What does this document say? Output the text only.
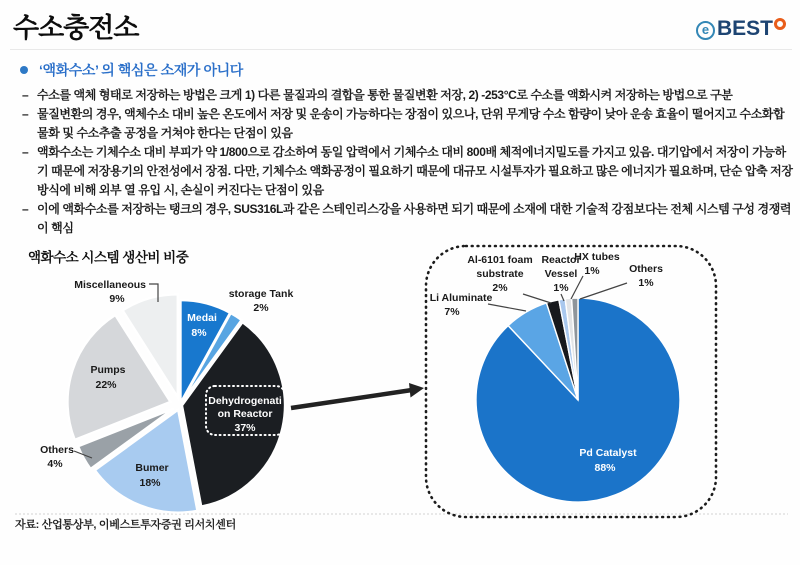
수소충전소	e BEST
‘액화수소’ 의 핵심은 소재가 아니다
– 수소를 액체 형태로 저장하는 방법은 크게 1) 다른 물질과의 결합을 통한 물질변환 저장, 2) -253°C로 수소를 액화시켜 저장하는 방법으로 구분
– 물질변환의 경우, 액체수소 대비 높은 온도에서 저장 및 운송이 가능하다는 장점이 있으나, 단위 무게당 수소 함량이 낮아 운송 효율이 떨어지고 수소화합물화 및 수소추출 공정을 거쳐야 한다는 단점이 있음
– 액화수소는 기체수소 대비 부피가 약 1/800으로 감소하여 동일 압력에서 기체수소 대비 800배 체적에너지밀도를 가지고 있음. 대기압에서 저장이 가능하기 때문에 저장용기의 안전성에서 장점. 다만, 기체수소 액화공정이 필요하기 때문에 대규모 시설투자가 필요하고 많은 에너지가 필요하며, 단순 압축 저장 방식에 비해 외부 열 유입 시, 손실이 커진다는 단점이 있음
– 이에 액화수소를 저장하는 탱크의 경우, SUS316L과 같은 스테인리스강을 사용하면 되기 때문에 소재에 대한 기술적 강점보다는 전체 시스템 구성 경쟁력이 핵심
액화수소 시스템 생산비 비중
Miscellaneous
9%	storage Tank
2%
Medai
8%
Pumps
22%
Others
4%	Bumer
18%
Dehydrogenati
on Reactor
37%
Al-6101 foam
substrate
2%
Reactor
Vessel
1%
HX tubes
1%	Others
1%
Li Aluminate
7%
Pd Catalyst
88%
자료: 산업통상부, 이베스트투자증권 리서치센터
